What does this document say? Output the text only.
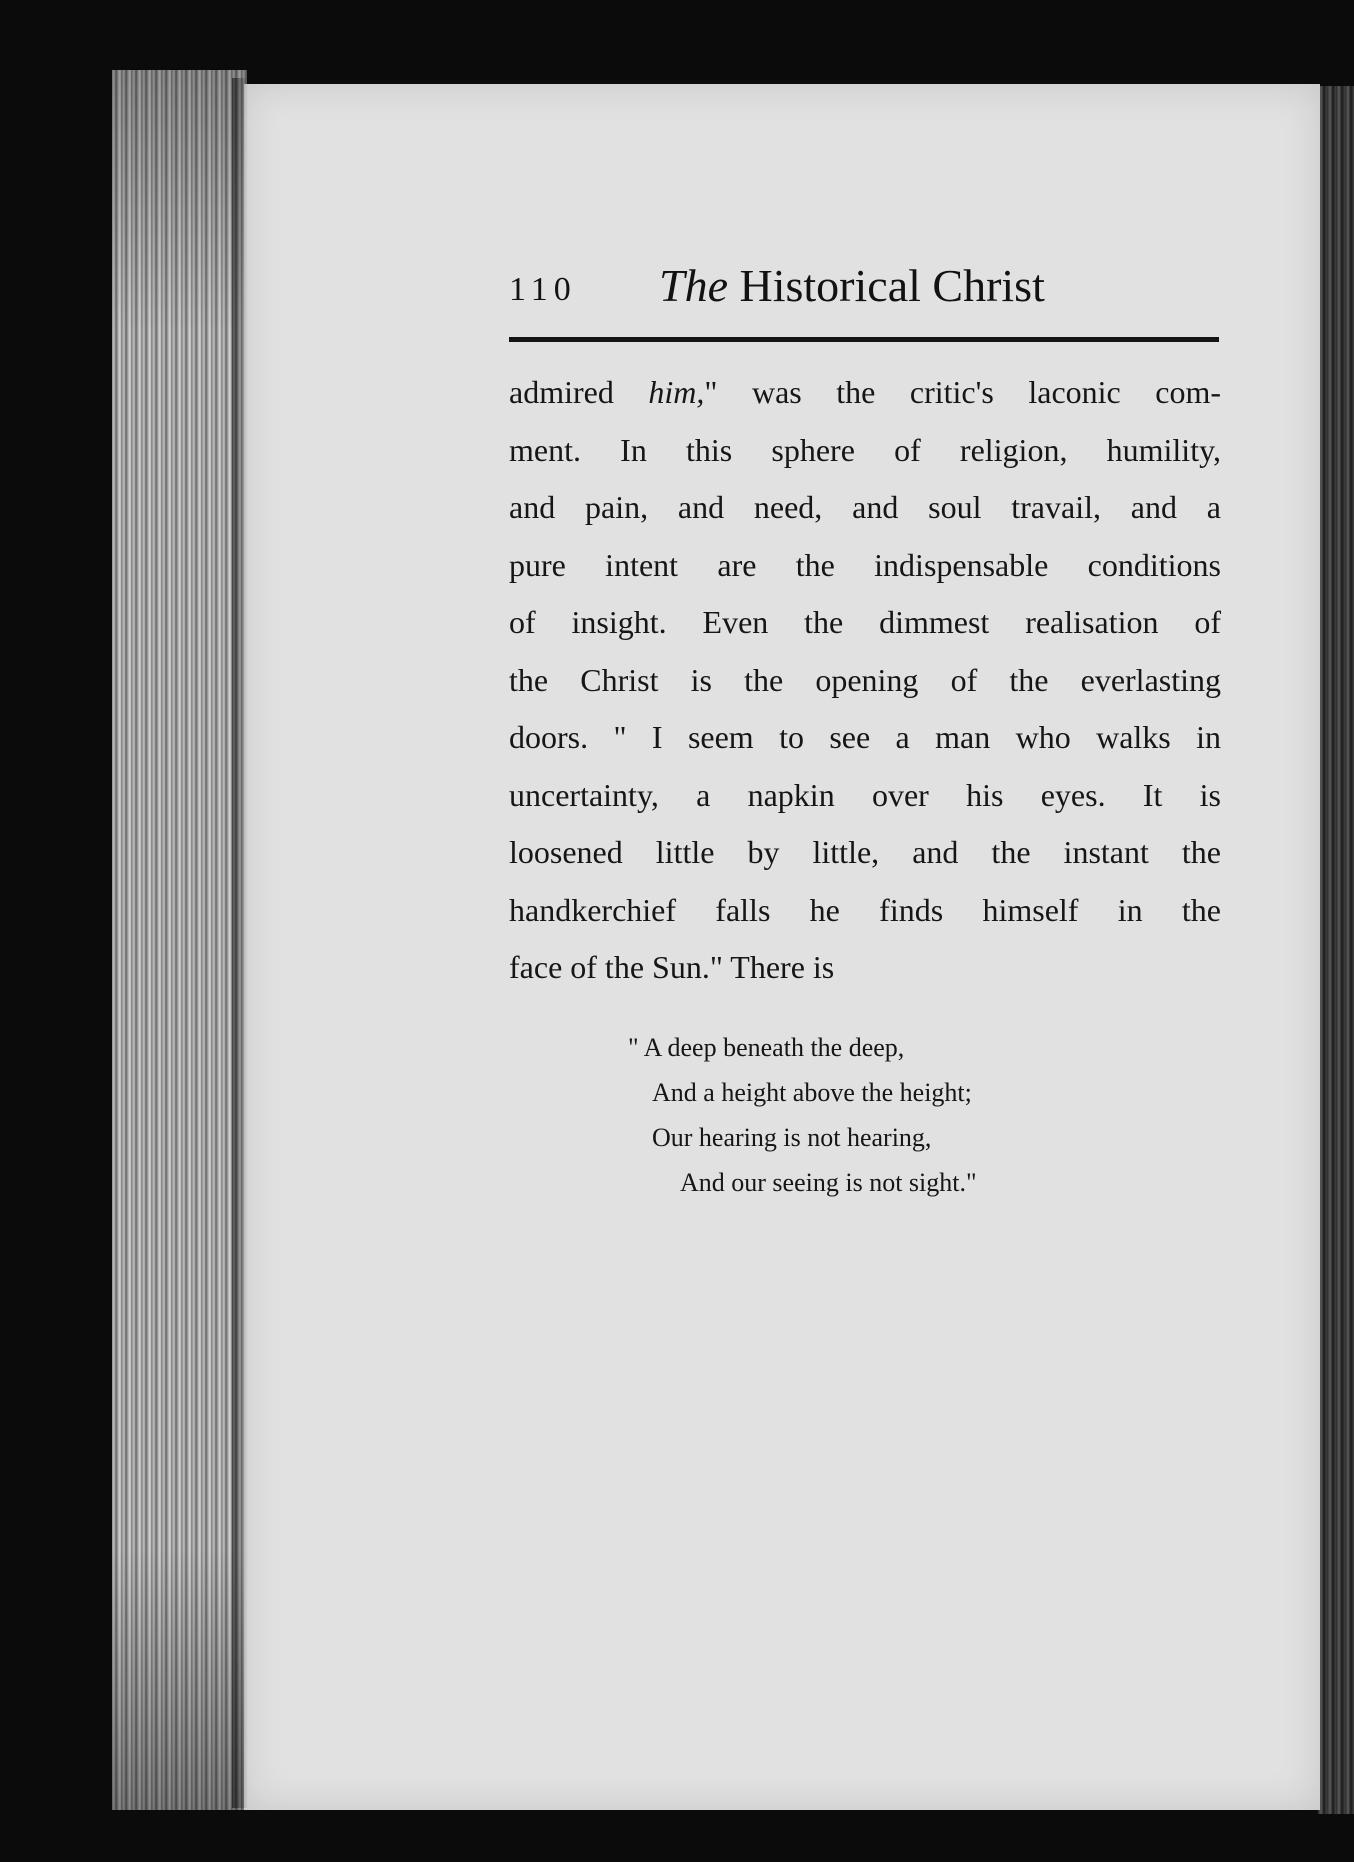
110 The Historical Christ
admired him," was the critic's laconic com-
ment. In this sphere of religion, humility,
and pain, and need, and soul travail, and a
pure intent are the indispensable conditions
of insight. Even the dimmest realisation of
the Christ is the opening of the everlasting
doors. " I seem to see a man who walks in
uncertainty, a napkin over his eyes. It is
loosened little by little, and the instant the
handkerchief falls he finds himself in the
face of the Sun." There is
" A deep beneath the deep,
And a height above the height;
Our hearing is not hearing,
And our seeing is not sight."
